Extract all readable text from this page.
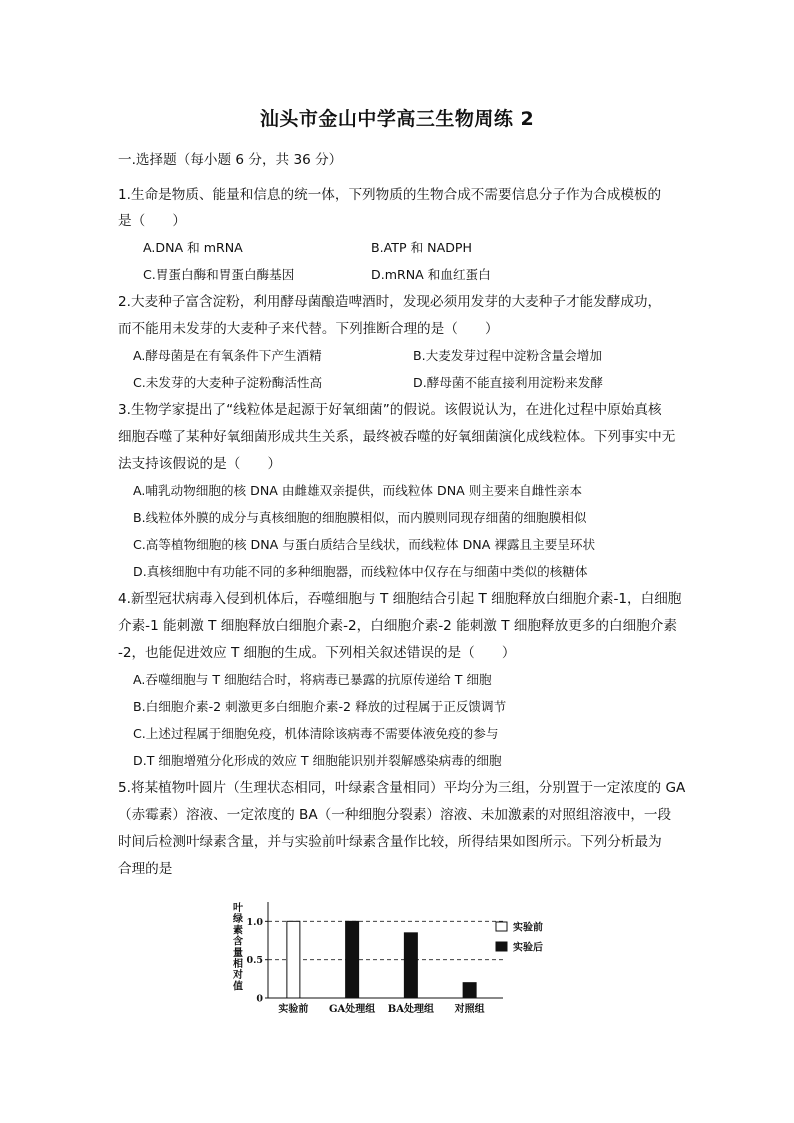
汕头市金山中学高三生物周练 2
一.选择题（每小题 6 分，共 36 分）
1.生命是物质、能量和信息的统一体，下列物质的生物合成不需要信息分子作为合成模板的
是（　　）
A.DNA 和 mRNA	B.ATP 和 NADPH
C.胃蛋白酶和胃蛋白酶基因	D.mRNA 和血红蛋白
2.大麦种子富含淀粉，利用酵母菌酿造啤酒时，发现必须用发芽的大麦种子才能发酵成功，
而不能用未发芽的大麦种子来代替。下列推断合理的是（　　）
A.酵母菌是在有氧条件下产生酒精	B.大麦发芽过程中淀粉含量会增加
C.未发芽的大麦种子淀粉酶活性高	D.酵母菌不能直接利用淀粉来发酵
3.生物学家提出了“线粒体是起源于好氧细菌”的假说。该假说认为，在进化过程中原始真核
细胞吞噬了某种好氧细菌形成共生关系，最终被吞噬的好氧细菌演化成线粒体。下列事实中无
法支持该假说的是（　　）
A.哺乳动物细胞的核 DNA 由雌雄双亲提供，而线粒体 DNA 则主要来自雌性亲本
B.线粒体外膜的成分与真核细胞的细胞膜相似，而内膜则同现存细菌的细胞膜相似
C.高等植物细胞的核 DNA 与蛋白质结合呈线状，而线粒体 DNA 裸露且主要呈环状
D.真核细胞中有功能不同的多种细胞器，而线粒体中仅存在与细菌中类似的核糖体
4.新型冠状病毒入侵到机体后，吞噬细胞与 T 细胞结合引起 T 细胞释放白细胞介素-1，白细胞
介素-1 能刺激 T 细胞释放白细胞介素-2，白细胞介素-2 能刺激 T 细胞释放更多的白细胞介素
-2，也能促进效应 T 细胞的生成。下列相关叙述错误的是（　　）
A.吞噬细胞与 T 细胞结合时，将病毒已暴露的抗原传递给 T 细胞
B.白细胞介素-2 刺激更多白细胞介素-2 释放的过程属于正反馈调节
C.上述过程属于细胞免疫，机体清除该病毒不需要体液免疫的参与
D.T 细胞增殖分化形成的效应 T 细胞能识别并裂解感染病毒的细胞
5.将某植物叶圆片（生理状态相同，叶绿素含量相同）平均分为三组，分别置于一定浓度的 GA
（赤霉素）溶液、一定浓度的 BA（一种细胞分裂素）溶液、未加激素的对照组溶液中，一段
时间后检测叶绿素含量，并与实验前叶绿素含量作比较，所得结果如图所示。下列分析最为
合理的是
叶
绿
素
含
量
相
对
值
0
0.5
1.0
实验前 GA处理组 BA处理组 对照组
实验前
实验后
